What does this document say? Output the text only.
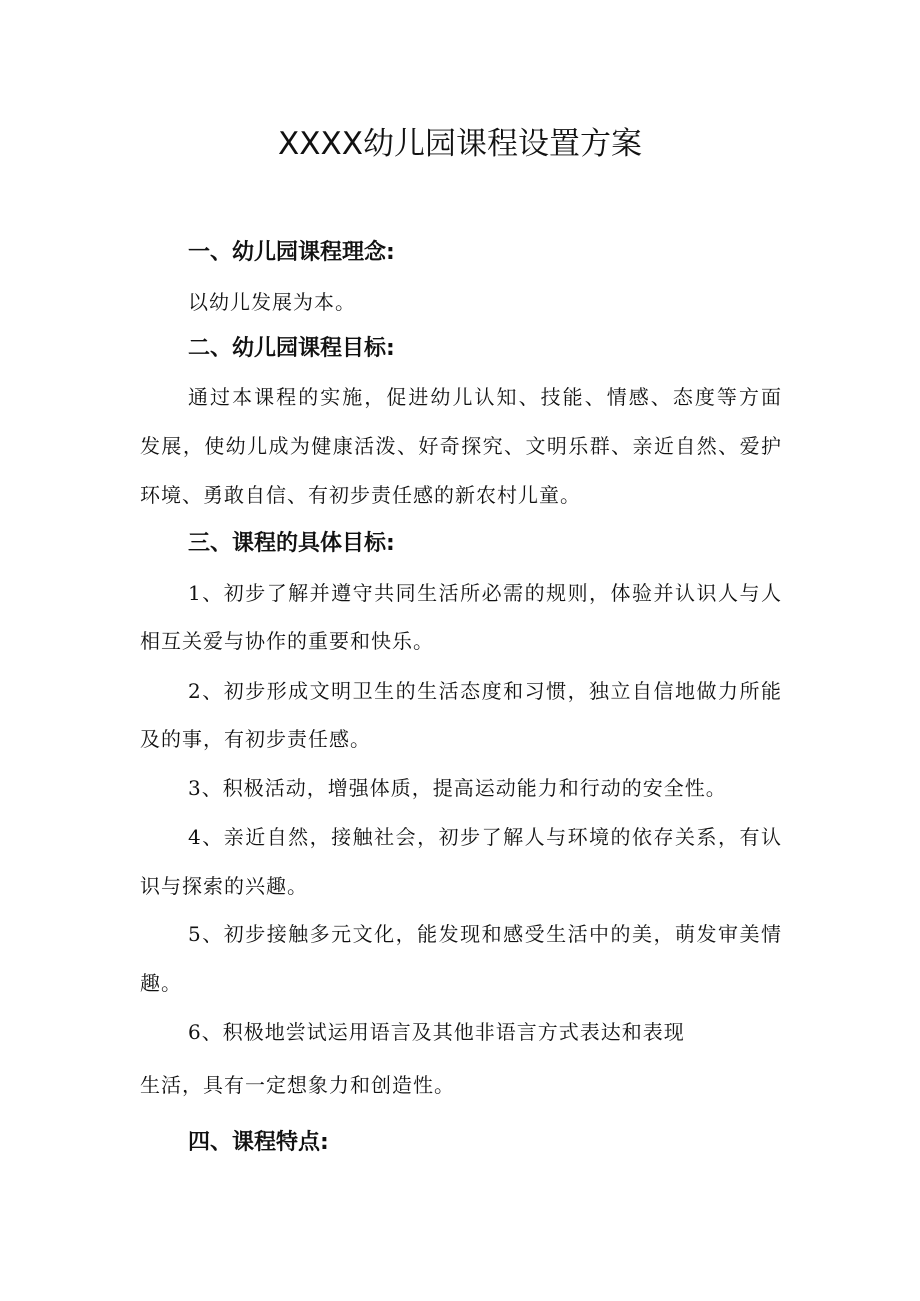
XXXX幼儿园课程设置方案
一、幼儿园课程理念:
以幼儿发展为本。
二、幼儿园课程目标:
通过本课程的实施，促进幼儿认知、技能、情感、态度等方面
发展，使幼儿成为健康活泼、好奇探究、文明乐群、亲近自然、爱护
环境、勇敢自信、有初步责任感的新农村儿童。
三、课程的具体目标:
1、初步了解并遵守共同生活所必需的规则，体验并认识人与人
相互关爱与协作的重要和快乐。
2、初步形成文明卫生的生活态度和习惯，独立自信地做力所能
及的事，有初步责任感。
3、积极活动，增强体质，提高运动能力和行动的安全性。
4、亲近自然，接触社会，初步了解人与环境的依存关系，有认
识与探索的兴趣。
5、初步接触多元文化，能发现和感受生活中的美，萌发审美情
趣。
6、积极地尝试运用语言及其他非语言方式表达和表现
生活，具有一定想象力和创造性。
四、课程特点:
